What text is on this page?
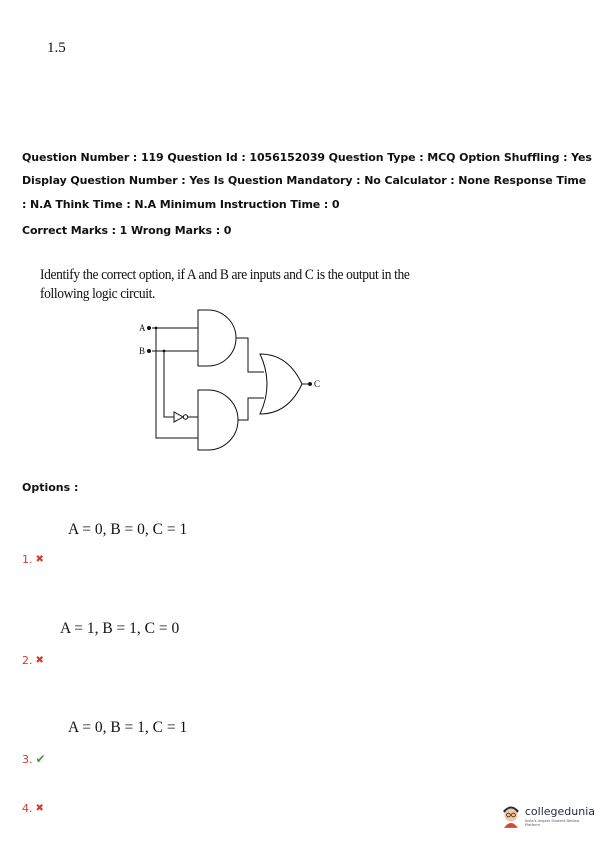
1.5
Question Number : 119 Question Id : 1056152039 Question Type : MCQ Option Shuffling : Yes
Display Question Number : Yes Is Question Mandatory : No Calculator : None Response Time
: N.A Think Time : N.A Minimum Instruction Time : 0
Correct Marks : 1 Wrong Marks : 0
Identify the correct option, if A and B are inputs and C is the output in the following logic circuit.
A
B
C
Options :
A = 0, B = 0, C = 1
1. ✖
A = 1, B = 1, C = 0
2. ✖
A = 0, B = 1, C = 1
3. ✔
4. ✖	collegedunia
India's largest Student Review Platform
